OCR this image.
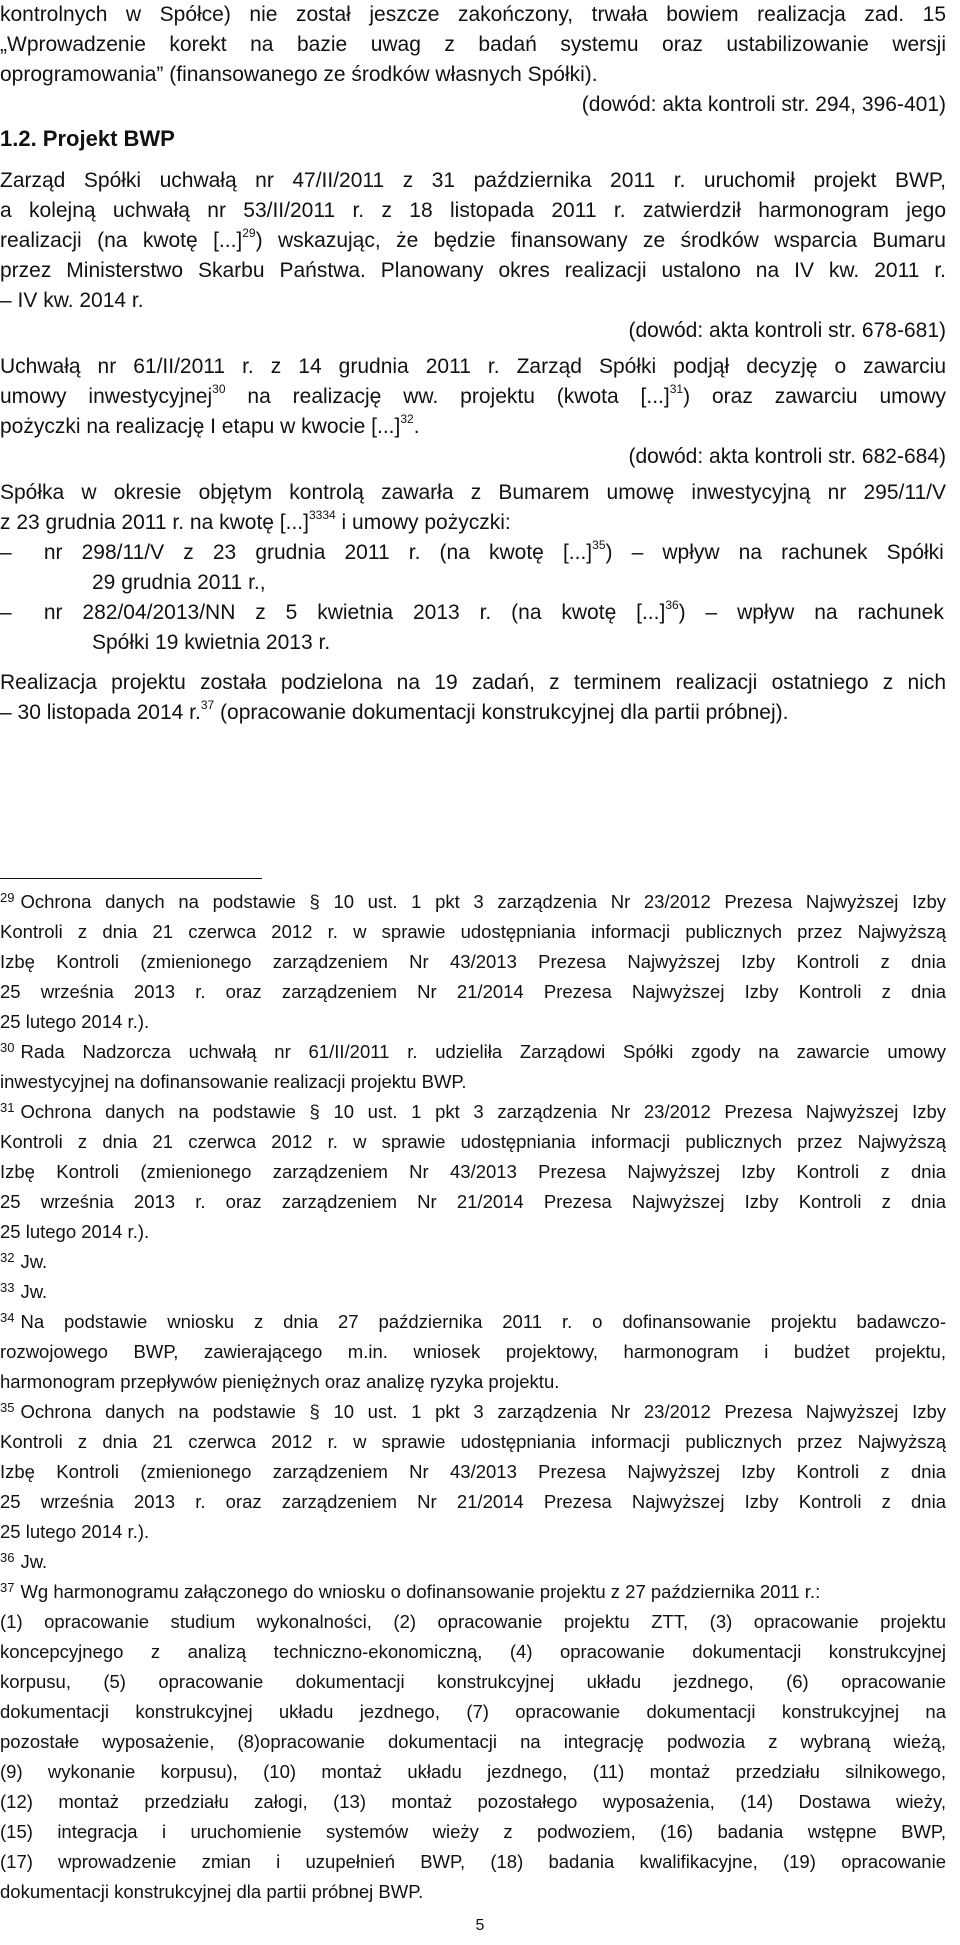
kontrolnych w Spółce) nie został jeszcze zakończony, trwała bowiem realizacja zad. 15
„Wprowadzenie korekt na bazie uwag z badań systemu oraz ustabilizowanie wersji
oprogramowania” (finansowanego ze środków własnych Spółki).
(dowód: akta kontroli str. 294, 396-401)
1.2. Projekt BWP
Zarząd Spółki uchwałą nr 47/II/2011 z 31 października 2011 r. uruchomił projekt BWP,
a kolejną uchwałą nr 53/II/2011 r. z 18 listopada 2011 r. zatwierdził harmonogram jego
realizacji (na kwotę [...]$^{29}$) wskazując, że będzie finansowany ze środków wsparcia Bumaru
przez Ministerstwo Skarbu Państwa. Planowany okres realizacji ustalono na IV kw. 2011 r.
– IV kw. 2014 r.
(dowód: akta kontroli str. 678-681)
Uchwałą nr 61/II/2011 r. z 14 grudnia 2011 r. Zarząd Spółki podjął decyzję o zawarciu
umowy inwestycyjnej$^{30}$ na realizację ww. projektu (kwota [...]$^{31}$) oraz zawarciu umowy
pożyczki na realizację I etapu w kwocie [...]$^{32}$.
(dowód: akta kontroli str. 682-684)
Spółka w okresie objętym kontrolą zawarła z Bumarem umowę inwestycyjną nr 295/11/V
z 23 grudnia 2011 r. na kwotę [...]$^{3334}$ i umowy pożyczki:
– nr 298/11/V z 23 grudnia 2011 r. (na kwotę [...]$^{35}$) – wpływ na rachunek Spółki
29 grudnia 2011 r.,
– nr 282/04/2013/NN z 5 kwietnia 2013 r. (na kwotę [...]$^{36}$) – wpływ na rachunek
Spółki 19 kwietnia 2013 r.
Realizacja projektu została podzielona na 19 zadań, z terminem realizacji ostatniego z nich
– 30 listopada 2014 r.$^{37}$ (opracowanie dokumentacji konstrukcyjnej dla partii próbnej).
$^{29}$ Ochrona danych na podstawie § 10 ust. 1 pkt 3 zarządzenia Nr 23/2012 Prezesa Najwyższej Izby
Kontroli z dnia 21 czerwca 2012 r. w sprawie udostępniania informacji publicznych przez Najwyższą
Izbę Kontroli (zmienionego zarządzeniem Nr 43/2013 Prezesa Najwyższej Izby Kontroli z dnia
25 września 2013 r. oraz zarządzeniem Nr 21/2014 Prezesa Najwyższej Izby Kontroli z dnia
25 lutego 2014 r.).
$^{30}$ Rada Nadzorcza uchwałą nr 61/II/2011 r. udzieliła Zarządowi Spółki zgody na zawarcie umowy
inwestycyjnej na dofinansowanie realizacji projektu BWP.
$^{31}$ Ochrona danych na podstawie § 10 ust. 1 pkt 3 zarządzenia Nr 23/2012 Prezesa Najwyższej Izby
Kontroli z dnia 21 czerwca 2012 r. w sprawie udostępniania informacji publicznych przez Najwyższą
Izbę Kontroli (zmienionego zarządzeniem Nr 43/2013 Prezesa Najwyższej Izby Kontroli z dnia
25 września 2013 r. oraz zarządzeniem Nr 21/2014 Prezesa Najwyższej Izby Kontroli z dnia
25 lutego 2014 r.).
$^{32}$ Jw.
$^{33}$ Jw.
$^{34}$ Na podstawie wniosku z dnia 27 października 2011 r. o dofinansowanie projektu badawczo-
rozwojowego BWP, zawierającego m.in. wniosek projektowy, harmonogram i budżet projektu,
harmonogram przepływów pieniężnych oraz analizę ryzyka projektu.
$^{35}$ Ochrona danych na podstawie § 10 ust. 1 pkt 3 zarządzenia Nr 23/2012 Prezesa Najwyższej Izby
Kontroli z dnia 21 czerwca 2012 r. w sprawie udostępniania informacji publicznych przez Najwyższą
Izbę Kontroli (zmienionego zarządzeniem Nr 43/2013 Prezesa Najwyższej Izby Kontroli z dnia
25 września 2013 r. oraz zarządzeniem Nr 21/2014 Prezesa Najwyższej Izby Kontroli z dnia
25 lutego 2014 r.).
$^{36}$ Jw.
$^{37}$ Wg harmonogramu załączonego do wniosku o dofinansowanie projektu z 27 października 2011 r.:
(1) opracowanie studium wykonalności, (2) opracowanie projektu ZTT, (3) opracowanie projektu
koncepcyjnego z analizą techniczno-ekonomiczną, (4) opracowanie dokumentacji konstrukcyjnej
korpusu, (5) opracowanie dokumentacji konstrukcyjnej układu jezdnego, (6) opracowanie
dokumentacji konstrukcyjnej układu jezdnego, (7) opracowanie dokumentacji konstrukcyjnej na
pozostałe wyposażenie, (8)opracowanie dokumentacji na integrację podwozia z wybraną wieżą,
(9) wykonanie korpusu), (10) montaż układu jezdnego, (11) montaż przedziału silnikowego,
(12) montaż przedziału załogi, (13) montaż pozostałego wyposażenia, (14) Dostawa wieży,
(15) integracja i uruchomienie systemów wieży z podwoziem, (16) badania wstępne BWP,
(17) wprowadzenie zmian i uzupełnień BWP, (18) badania kwalifikacyjne, (19) opracowanie
dokumentacji konstrukcyjnej dla partii próbnej BWP.
5
